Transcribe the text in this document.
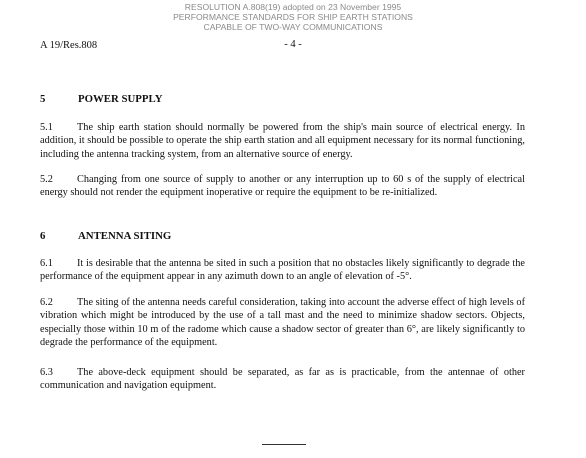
RESOLUTION A.808(19) adopted on 23 November 1995
PERFORMANCE STANDARDS FOR SHIP EARTH STATIONS
CAPABLE OF TWO-WAY COMMUNICATIONS
A 19/Res.808	- 4 -
5	POWER SUPPLY

5.1 The ship earth station should normally be powered from the ship's main source of electrical energy. In addition, it should be possible to operate the ship earth station and all equipment necessary for its normal functioning, including the antenna tracking system, from an alternative source of energy.

5.2 Changing from one source of supply to another or any interruption up to 60 s of the supply of electrical energy should not render the equipment inoperative or require the equipment to be re-initialized.

6	ANTENNA SITING

6.1 It is desirable that the antenna be sited in such a position that no obstacles likely significantly to degrade the performance of the equipment appear in any azimuth down to an angle of elevation of -5°.

6.2 The siting of the antenna needs careful consideration, taking into account the adverse effect of high levels of vibration which might be introduced by the use of a tall mast and the need to minimize shadow sectors. Objects, especially those within 10 m of the radome which cause a shadow sector of greater than 6°, are likely significantly to degrade the performance of the equipment.

6.3 The above-deck equipment should be separated, as far as is practicable, from the antennae of other communication and navigation equipment.
